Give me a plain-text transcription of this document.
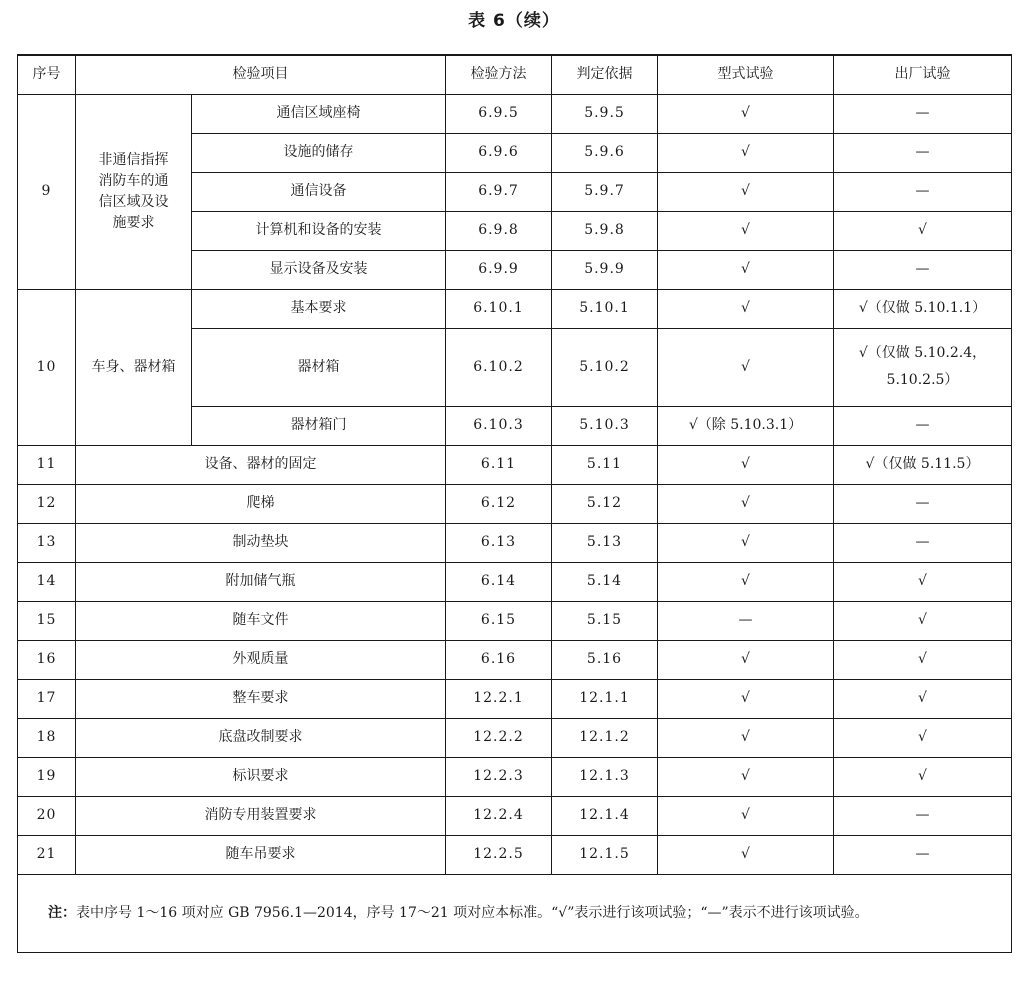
表 6（续）
序号	检验项目		检验方法	判定依据	型式试验	出厂试验
9	非通信指挥
消防车的通
信区域及设
施要求	通信区域座椅	6.9.5	5.9.5	√	—
		设施的储存	6.9.6	5.9.6	√	—
		通信设备	6.9.7	5.9.7	√	—
		计算机和设备的安装	6.9.8	5.9.8	√	√
		显示设备及安装	6.9.9	5.9.9	√	—
10	车身、器材箱	基本要求	6.10.1	5.10.1	√	√（仅做 5.10.1.1）
		器材箱	6.10.2	5.10.2	√	√（仅做 5.10.2.4，
5.10.2.5）
		器材箱门	6.10.3	5.10.3	√（除 5.10.3.1）	—
11	设备、器材的固定		6.11	5.11	√	√（仅做 5.11.5）
12	爬梯		6.12	5.12	√	—
13	制动垫块		6.13	5.13	√	—
14	附加储气瓶		6.14	5.14	√	√
15	随车文件		6.15	5.15	—	√
16	外观质量		6.16	5.16	√	√
17	整车要求		12.2.1	12.1.1	√	√
18	底盘改制要求		12.2.2	12.1.2	√	√
19	标识要求		12.2.3	12.1.3	√	√
20	消防专用装置要求		12.2.4	12.1.4	√	—
21	随车吊要求		12.2.5	12.1.5	√	—
注：表中序号 1～16 项对应 GB 7956.1—2014，序号 17～21 项对应本标准。“√”表示进行该项试验；“—”表示不进行该项试验。						
